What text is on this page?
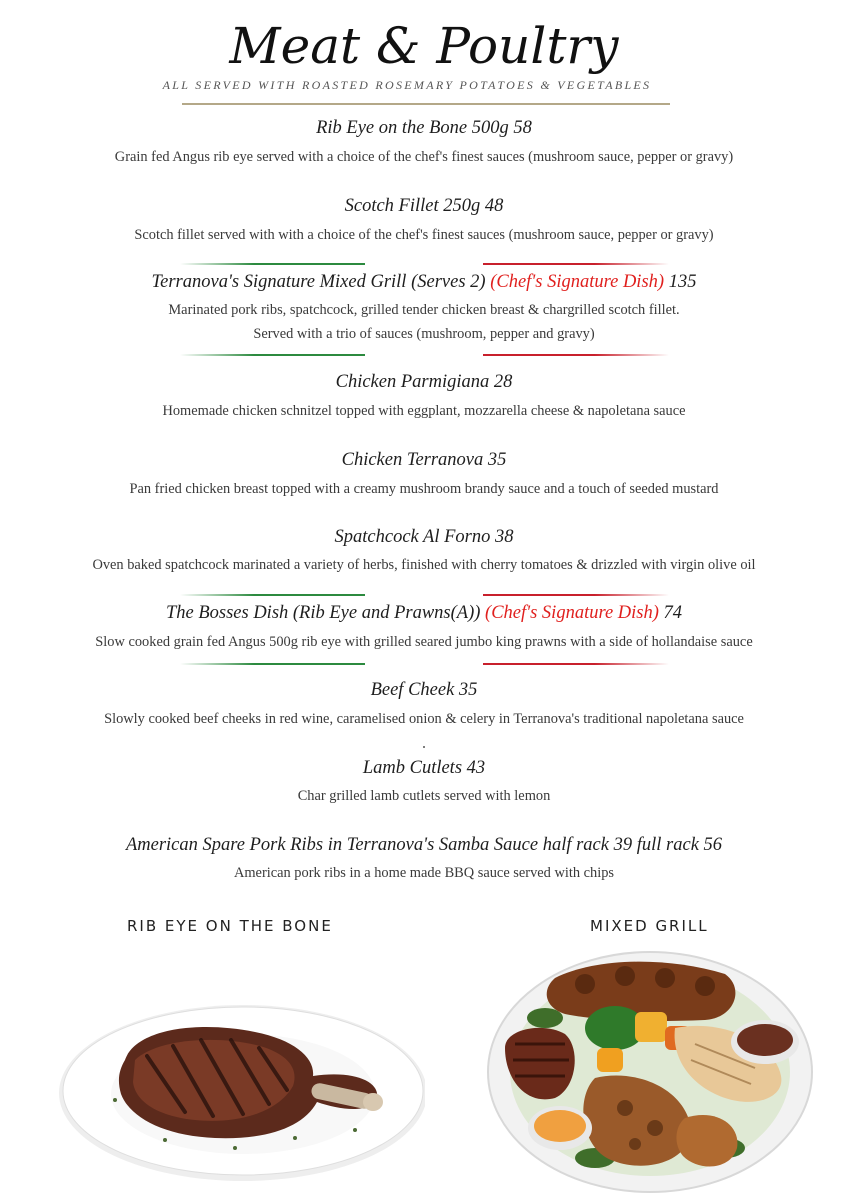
Meat & Poultry
ALL SERVED WITH ROASTED ROSEMARY POTATOES & VEGETABLES
Rib Eye on the Bone 500g 58
Grain fed Angus rib eye served with a choice of the chef's finest sauces (mushroom sauce, pepper or gravy)
Scotch Fillet 250g 48
Scotch fillet served with with a choice of the chef's finest sauces (mushroom sauce, pepper or gravy)
Terranova's Signature Mixed Grill (Serves 2) (Chef's Signature Dish) 135
Marinated pork ribs, spatchcock, grilled tender chicken breast & chargrilled scotch fillet.
Served with a trio of sauces (mushroom, pepper and gravy)
Chicken Parmigiana 28
Homemade chicken schnitzel topped with eggplant, mozzarella cheese & napoletana sauce
Chicken Terranova 35
Pan fried chicken breast topped with a creamy mushroom brandy sauce and a touch of seeded mustard
Spatchcock Al Forno 38
Oven baked spatchcock marinated a variety of herbs, finished with cherry tomatoes & drizzled with virgin olive oil
The Bosses Dish (Rib Eye and Prawns(A)) (Chef's Signature Dish) 74
Slow cooked grain fed Angus 500g rib eye with grilled seared jumbo king prawns with a side of hollandaise sauce
Beef Cheek 35
Slowly cooked beef cheeks in red wine, caramelised onion & celery in Terranova's traditional napoletana sauce
Lamb Cutlets 43
Char grilled lamb cutlets served with lemon
American Spare Pork Ribs in Terranova's Samba Sauce half rack 39 full rack 56
American pork ribs in a home made BBQ sauce served with chips
RIB EYE ON THE BONE	MIXED GRILL
